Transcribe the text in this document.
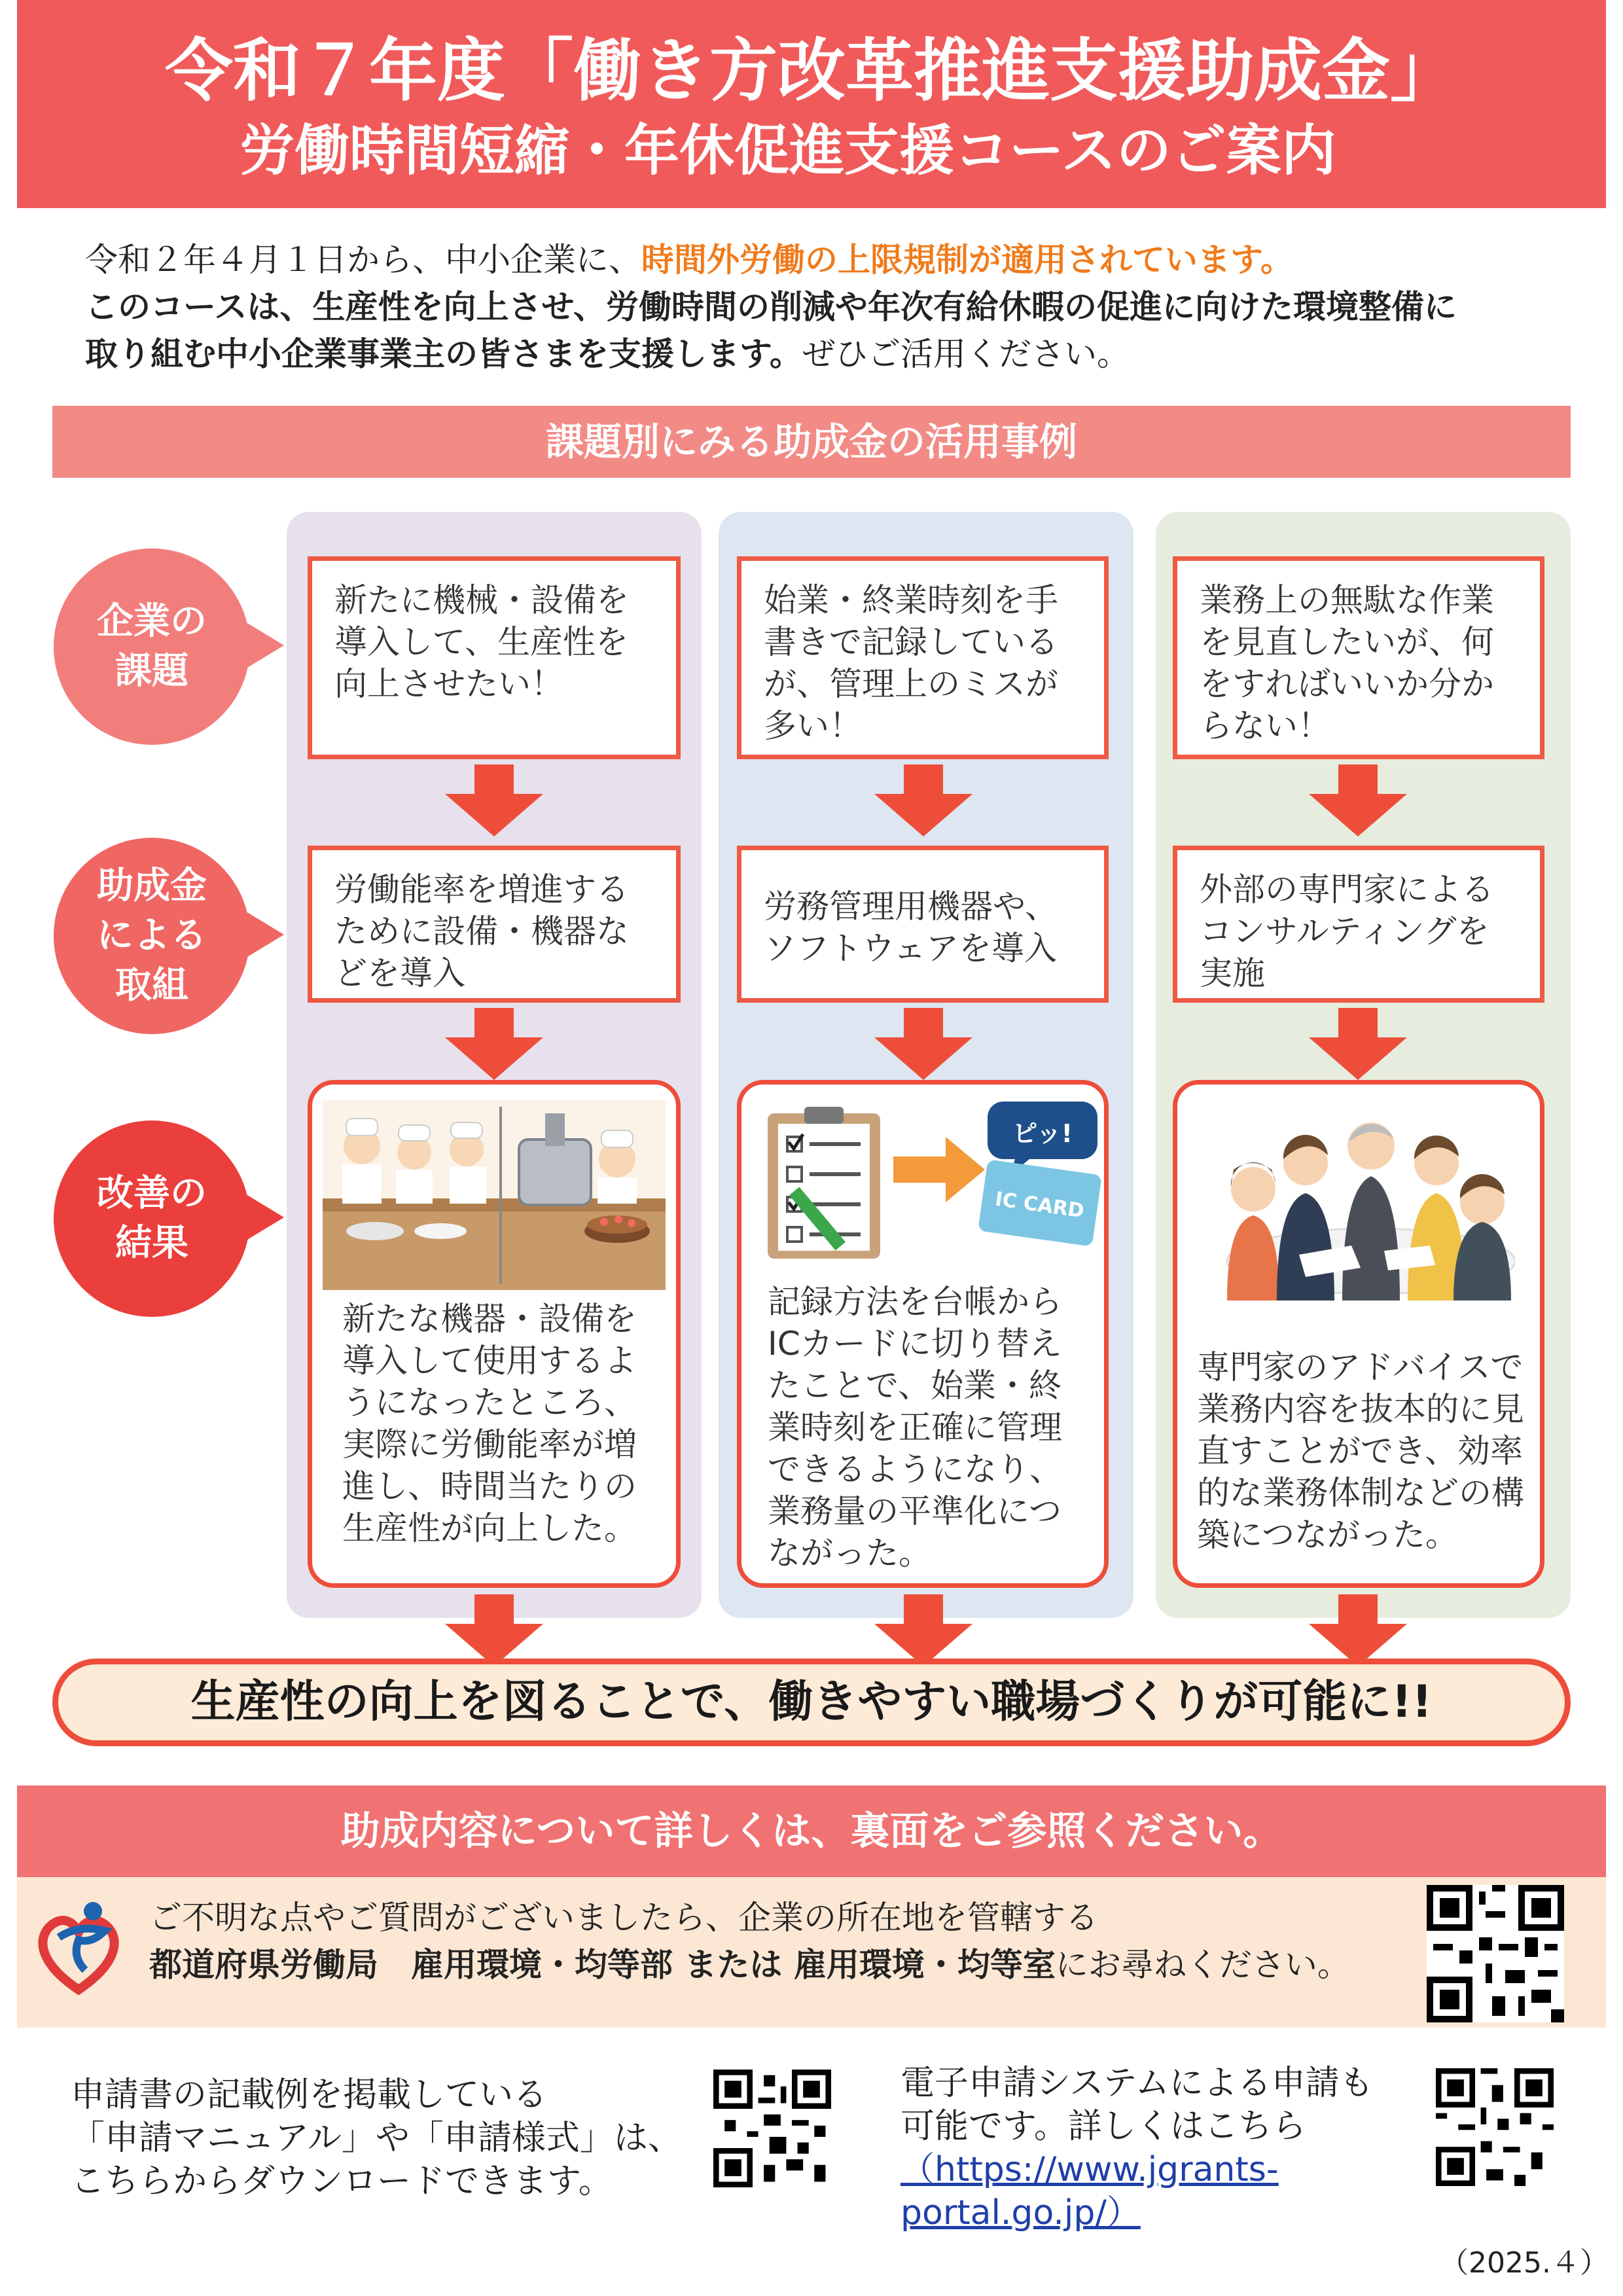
令和７年度「働き方改革推進支援助成金」
労働時間短縮・年休促進支援コースのご案内
令和２年４月１日から、中小企業に、時間外労働の上限規制が適用されています。
このコースは、生産性を向上させ、労働時間の削減や年次有給休暇の促進に向けた環境整備に
取り組む中小企業事業主の皆さまを支援します。ぜひご活用ください。
課題別にみる助成金の活用事例
企業の
課題
助成金
による
取組
改善の
結果
新たに機械・設備を
導入して、生産性を
向上させたい！
労働能率を増進する
ために設備・機器な
どを導入

新たな機器・設備を
導入して使用するよ
うになったところ、
実際に労働能率が増
進し、時間当たりの
生産性が向上した。

始業・終業時刻を手
書きで記録している
が、管理上のミスが
多い！
労務管理用機器や、
ソフトウェアを導入

ピッ!
IC CARD

記録方法を台帳から
ICカードに切り替え
たことで、始業・終
業時刻を正確に管理
できるようになり、
業務量の平準化につ
ながった。

業務上の無駄な作業
を見直したいが、何
をすればいいか分か
らない！
外部の専門家による
コンサルティングを
実施

専門家のアドバイスで
業務内容を抜本的に見
直すことができ、効率
的な業務体制などの構
築につながった。

生産性の向上を図ることで、働きやすい職場づくりが可能に!!
助成内容について詳しくは、裏面をご参照ください。
ご不明な点やご質問がございましたら、企業の所在地を管轄する
都道府県労働局　雇用環境・均等部 または 雇用環境・均等室にお尋ねください。
申請書の記載例を掲載している
「申請マニュアル」や「申請様式」は、
こちらからダウンロードできます。
電子申請システムによる申請も
可能です。詳しくはこちら
（https://www.jgrants-
portal.go.jp/）
（2025.４）
